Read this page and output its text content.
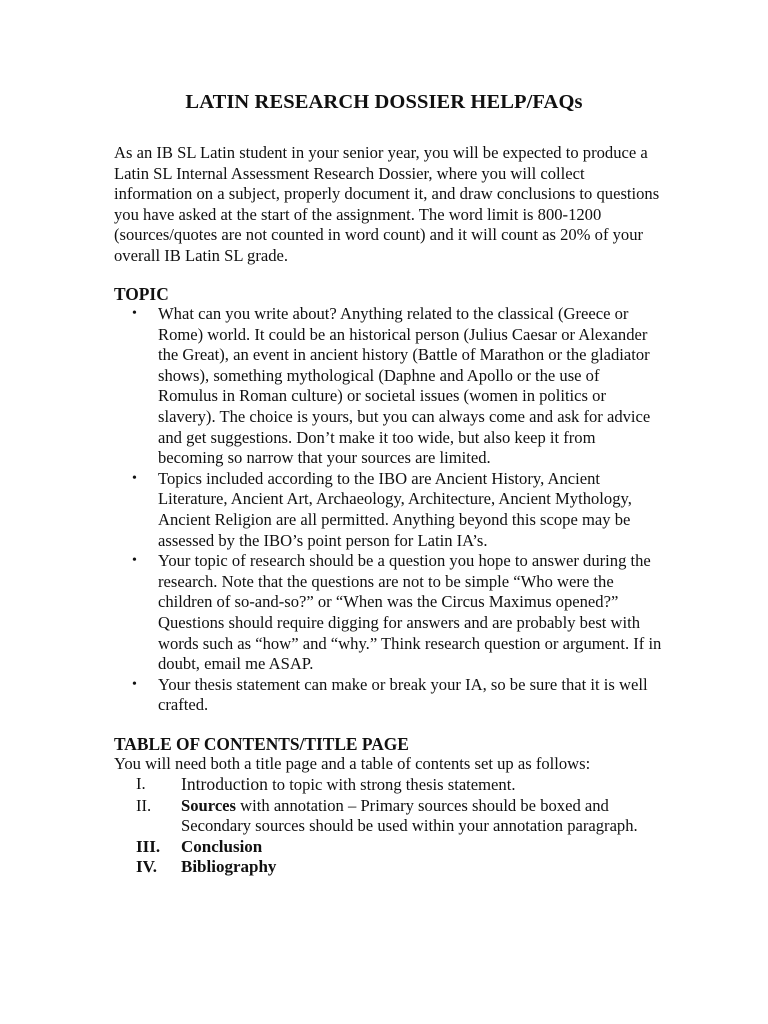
LATIN RESEARCH DOSSIER HELP/FAQs

As an IB SL Latin student in your senior year, you will be expected to produce a Latin SL Internal Assessment Research Dossier, where you will collect information on a subject, properly document it, and draw conclusions to questions you have asked at the start of the assignment. The word limit is 800-1200 (sources/quotes are not counted in word count) and it will count as 20% of your overall IB Latin SL grade.

TOPIC
• What can you write about? Anything related to the classical (Greece or Rome) world. It could be an historical person (Julius Caesar or Alexander the Great), an event in ancient history (Battle of Marathon or the gladiator shows), something mythological (Daphne and Apollo or the use of Romulus in Roman culture) or societal issues (women in politics or slavery). The choice is yours, but you can always come and ask for advice and get suggestions. Don’t make it too wide, but also keep it from becoming so narrow that your sources are limited.
• Topics included according to the IBO are Ancient History, Ancient Literature, Ancient Art, Archaeology, Architecture, Ancient Mythology, Ancient Religion are all permitted. Anything beyond this scope may be assessed by the IBO’s point person for Latin IA’s.
• Your topic of research should be a question you hope to answer during the research. Note that the questions are not to be simple “Who were the children of so-and-so?” or “When was the Circus Maximus opened?” Questions should require digging for answers and are probably best with words such as “how” and “why.” Think research question or argument. If in doubt, email me ASAP.
• Your thesis statement can make or break your IA, so be sure that it is well crafted.
TABLE OF CONTENTS/TITLE PAGE

You will need both a title page and a table of contents set up as follows:

I. Introduction to topic with strong thesis statement.
II. Sources with annotation – Primary sources should be boxed and Secondary sources should be used within your annotation paragraph.
III. Conclusion
IV. Bibliography
